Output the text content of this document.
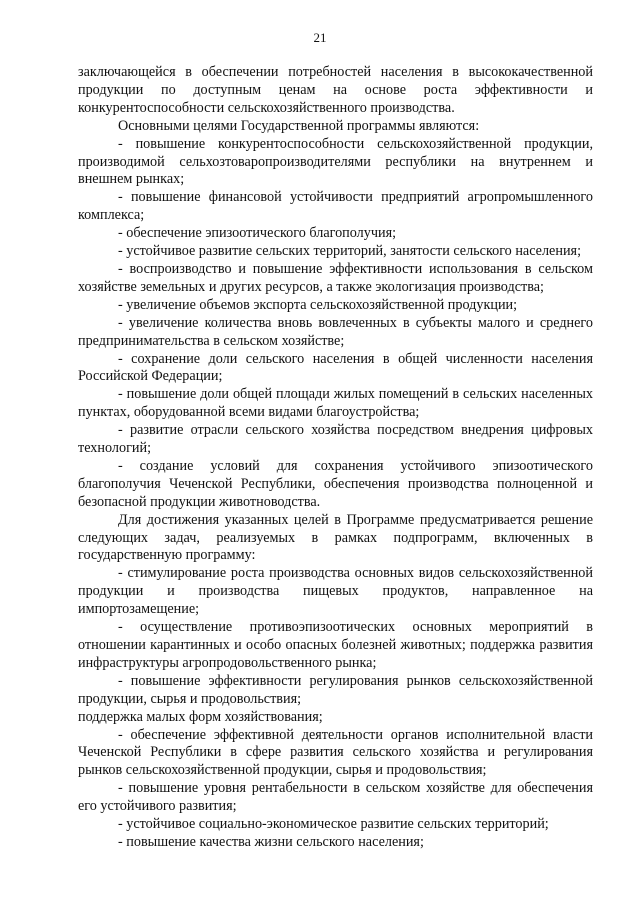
21

заключающейся в обеспечении потребностей населения в высококачественной продукции по доступным ценам на основе роста эффективности и конкурентоспособности сельскохозяйственного производства.

Основными целями Государственной программы являются:

- повышение конкурентоспособности сельскохозяйственной продукции, производимой сельхозтоваропроизводителями республики на внутреннем и внешнем рынках;

- повышение финансовой устойчивости предприятий агропромышленного комплекса;

- обеспечение эпизоотического благополучия;

- устойчивое развитие сельских территорий, занятости сельского населения;

- воспроизводство и повышение эффективности использования в сельском хозяйстве земельных и других ресурсов, а также экологизация производства;

- увеличение объемов экспорта сельскохозяйственной продукции;

- увеличение количества вновь вовлеченных в субъекты малого и среднего предпринимательства в сельском хозяйстве;

- сохранение доли сельского населения в общей численности населения Российской Федерации;

- повышение доли общей площади жилых помещений в сельских населенных пунктах, оборудованной всеми видами благоустройства;

- развитие отрасли сельского хозяйства посредством внедрения цифровых технологий;

- создание условий для сохранения устойчивого эпизоотического благополучия Чеченской Республики, обеспечения производства полноценной и безопасной продукции животноводства.

Для достижения указанных целей в Программе предусматривается решение следующих задач, реализуемых в рамках подпрограмм, включенных в государственную программу:

- стимулирование роста производства основных видов сельскохозяйственной продукции и производства пищевых продуктов, направленное на импортозамещение;

- осуществление противоэпизоотических основных мероприятий в отношении карантинных и особо опасных болезней животных; поддержка развития инфраструктуры агропродовольственного рынка;

- повышение эффективности регулирования рынков сельскохозяйственной продукции, сырья и продовольствия;

поддержка малых форм хозяйствования;

- обеспечение эффективной деятельности органов исполнительной власти Чеченской Республики в сфере развития сельского хозяйства и регулирования рынков сельскохозяйственной продукции, сырья и продовольствия;

- повышение уровня рентабельности в сельском хозяйстве для обеспечения его устойчивого развития;

- устойчивое социально-экономическое развитие сельских территорий;

- повышение качества жизни сельского населения;
